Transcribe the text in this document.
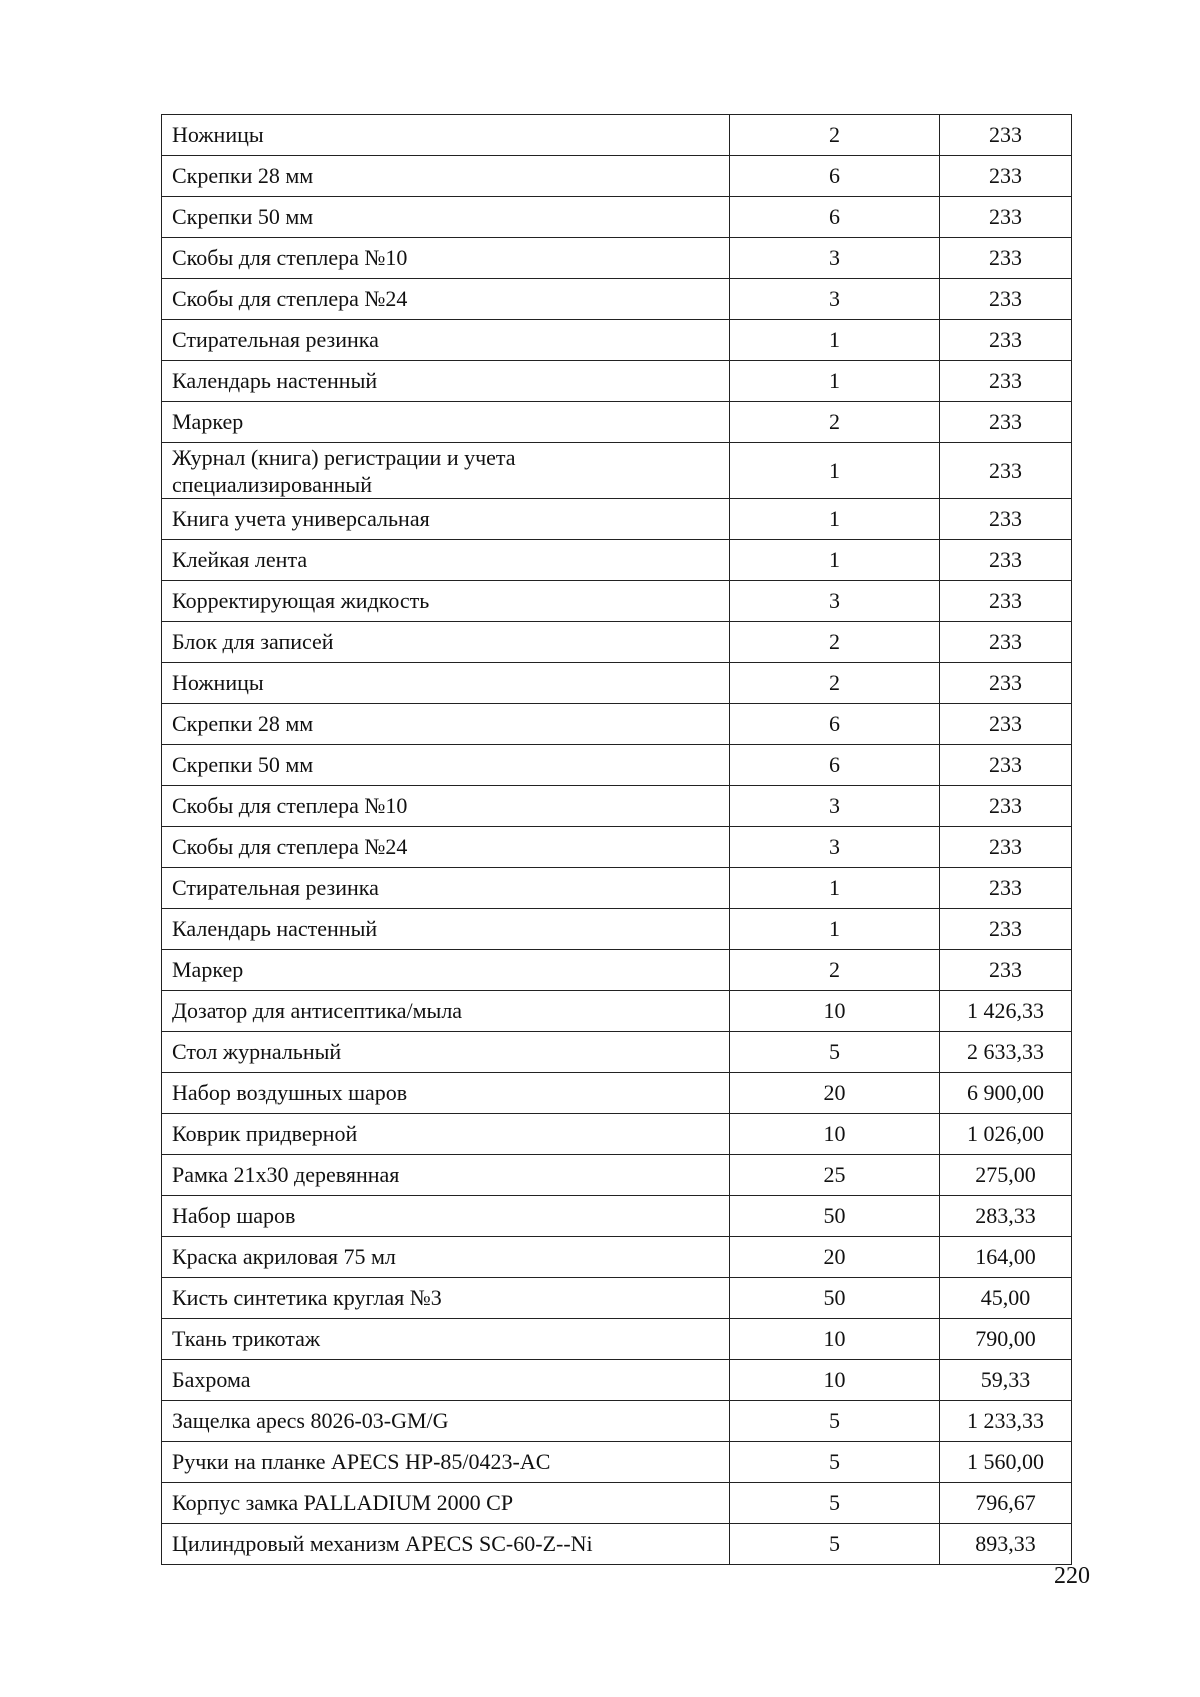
Ножницы	2	233
Скрепки 28 мм	6	233
Скрепки 50 мм	6	233
Скобы для степлера №10	3	233
Скобы для степлера №24	3	233
Стирательная резинка	1	233
Календарь настенный	1	233
Маркер	2	233
Журнал (книга) регистрации и учета специализированный	1	233
Книга учета универсальная	1	233
Клейкая лента	1	233
Корректирующая жидкость	3	233
Блок для записей	2	233
Ножницы	2	233
Скрепки 28 мм	6	233
Скрепки 50 мм	6	233
Скобы для степлера №10	3	233
Скобы для степлера №24	3	233
Стирательная резинка	1	233
Календарь настенный	1	233
Маркер	2	233
Дозатор для антисептика/мыла	10	1 426,33
Стол журнальный	5	2 633,33
Набор воздушных шаров	20	6 900,00
Коврик придверной	10	1 026,00
Рамка 21х30 деревянная	25	275,00
Набор шаров	50	283,33
Краска акриловая 75 мл	20	164,00
Кисть синтетика круглая №3	50	45,00
Ткань трикотаж	10	790,00
Бахрома	10	59,33
Защелка apecs 8026-03-GM/G	5	1 233,33
Ручки на планке APECS HP-85/0423-AC	5	1 560,00
Корпус замка PALLADIUM 2000 CP	5	796,67
Цилиндровый механизм APECS SC-60-Z--Ni	5	893,33
220
